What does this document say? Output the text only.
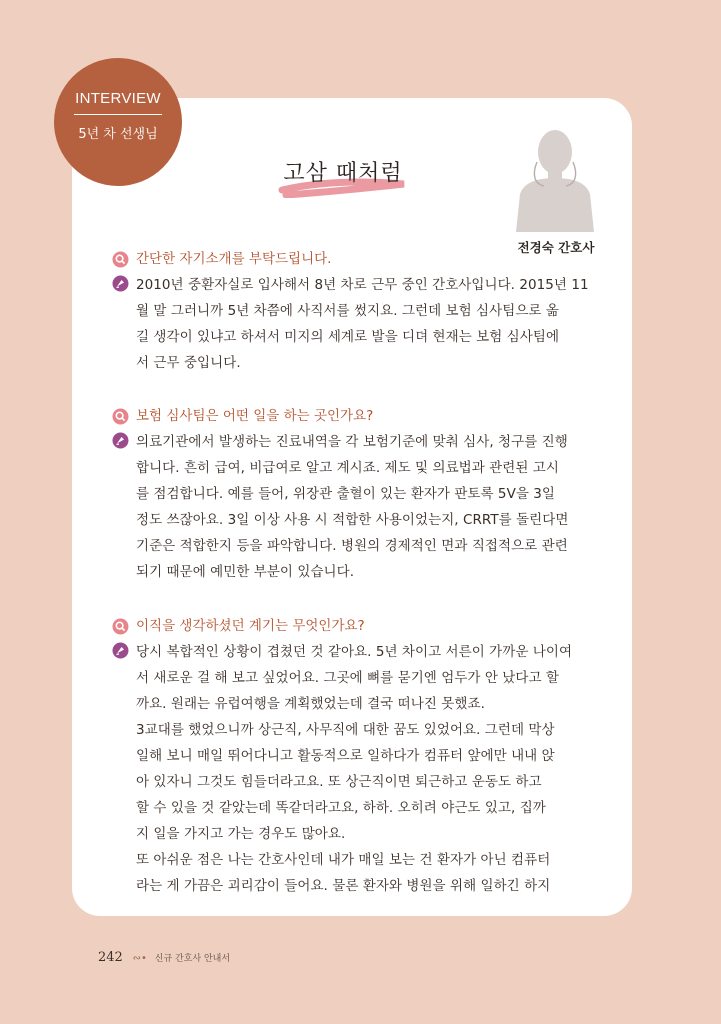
INTERVIEW
5년 차 선생님
고삼 때처럼
전경숙 간호사
간단한 자기소개를 부탁드립니다.
2010년 중환자실로 입사해서 8년 차로 근무 중인 간호사입니다. 2015년 11
월 말 그러니까 5년 차쯤에 사직서를 썼지요. 그런데 보험 심사팀으로 옮
길 생각이 있냐고 하셔서 미지의 세계로 발을 디뎌 현재는 보험 심사팀에
서 근무 중입니다.
보험 심사팀은 어떤 일을 하는 곳인가요?
의료기관에서 발생하는 진료내역을 각 보험기준에 맞춰 심사, 청구를 진행
합니다. 흔히 급여, 비급여로 알고 계시죠. 제도 및 의료법과 관련된 고시
를 점검합니다. 예를 들어, 위장관 출혈이 있는 환자가 판토록 5V을 3일
정도 쓰잖아요. 3일 이상 사용 시 적합한 사용이었는지, CRRT를 돌린다면
기준은 적합한지 등을 파악합니다. 병원의 경제적인 면과 직접적으로 관련
되기 때문에 예민한 부분이 있습니다.
이직을 생각하셨던 계기는 무엇인가요?
당시 복합적인 상황이 겹쳤던 것 같아요. 5년 차이고 서른이 가까운 나이여
서 새로운 걸 해 보고 싶었어요. 그곳에 뼈를 묻기엔 엄두가 안 났다고 할
까요. 원래는 유럽여행을 계획했었는데 결국 떠나진 못했죠.
3교대를 했었으니까 상근직, 사무직에 대한 꿈도 있었어요. 그런데 막상
일해 보니 매일 뛰어다니고 활동적으로 일하다가 컴퓨터 앞에만 내내 앉
아 있자니 그것도 힘들더라고요. 또 상근직이면 퇴근하고 운동도 하고
할 수 있을 것 같았는데 똑같더라고요, 하하. 오히려 야근도 있고, 집까
지 일을 가지고 가는 경우도 많아요.
또 아쉬운 점은 나는 간호사인데 내가 매일 보는 건 환자가 아닌 컴퓨터
라는 게 가끔은 괴리감이 들어요. 물론 환자와 병원을 위해 일하긴 하지
242 ∾• 신규 간호사 안내서
